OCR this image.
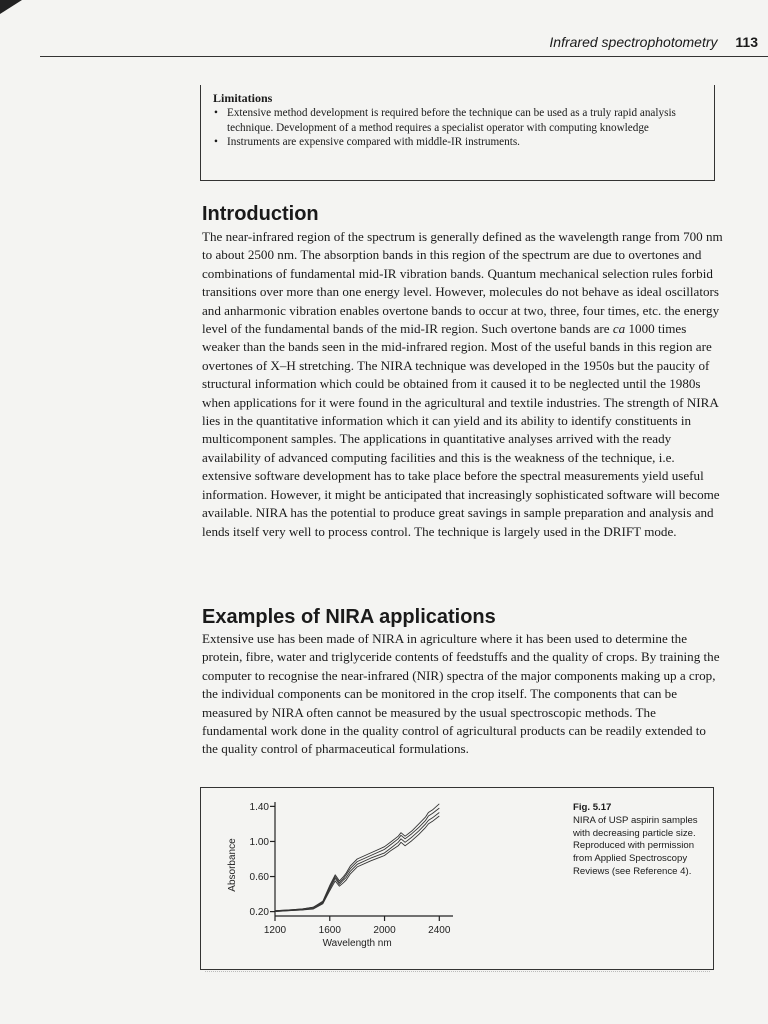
Infrared spectrophotometry 113
Limitations
• Extensive method development is required before the technique can be used as a truly rapid analysis technique. Development of a method requires a specialist operator with computing knowledge
• Instruments are expensive compared with middle-IR instruments.
Introduction

The near-infrared region of the spectrum is generally defined as the wavelength range from 700 nm to about 2500 nm. The absorption bands in this region of the spectrum are due to overtones and combinations of fundamental mid-IR vibration bands. Quantum mechanical selection rules forbid transitions over more than one energy level. However, molecules do not behave as ideal oscillators and anharmonic vibration enables overtone bands to occur at two, three, four times, etc. the energy level of the fundamental bands of the mid-IR region. Such overtone bands are ca 1000 times weaker than the bands seen in the mid-infrared region. Most of the useful bands in this region are overtones of X–H stretching. The NIRA technique was developed in the 1950s but the paucity of structural information which could be obtained from it caused it to be neglected until the 1980s when applications for it were found in the agricultural and textile industries. The strength of NIRA lies in the quantitative information which it can yield and its ability to identify constituents in multicomponent samples. The applications in quantitative analyses arrived with the ready availability of advanced computing facilities and this is the weakness of the technique, i.e. extensive software development has to take place before the spectral measurements yield useful information. However, it might be anticipated that increasingly sophisticated software will become available. NIRA has the potential to produce great savings in sample preparation and analysis and lends itself very well to process control. The technique is largely used in the DRIFT mode.

Examples of NIRA applications

Extensive use has been made of NIRA in agriculture where it has been used to determine the protein, fibre, water and triglyceride contents of feedstuffs and the quality of crops. By training the computer to recognise the near-infrared (NIR) spectra of the major components making up a crop, the individual components can be monitored in the crop itself. The components that can be measured by NIRA often cannot be measured by the usual spectroscopic methods. The fundamental work done in the quality control of agricultural products can be readily extended to the quality control of pharmaceutical formulations.

0.20
0.60
1.00
1.40
1200	1600	2000	2400
Wavelength nm
Absorbance
Fig. 5.17
NIRA of USP aspirin samples with decreasing particle size. Reproduced with permission from Applied Spectroscopy Reviews (see Reference 4).
